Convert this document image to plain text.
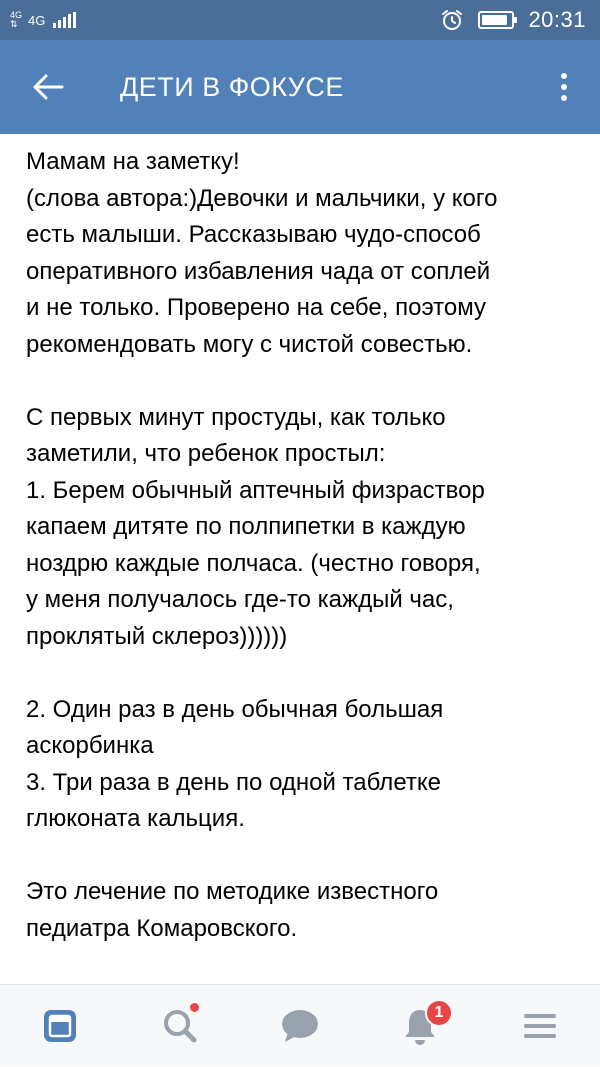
4G
⇅ 4G	20:31
ДЕТИ В ФОКУСЕ
Мамам на заметку!
(слова автора:)Девочки и мальчики, у кого
есть малыши. Рассказываю чудо-способ
оперативного избавления чада от соплей
и не только. Проверено на себе, поэтому
рекомендовать могу с чистой совестью.
С первых минут простуды, как только
заметили, что ребенок простыл:
1. Берем обычный аптечный физраствор
капаем дитяте по полпипетки в каждую
ноздрю каждые полчаса. (честно говоря,
у меня получалось где-то каждый час,
проклятый склероз))))))
2. Один раз в день обычная большая
аскорбинка
3. Три раза в день по одной таблетке
глюконата кальция.
Это лечение по методике известного
педиатра Комаровского.
1
